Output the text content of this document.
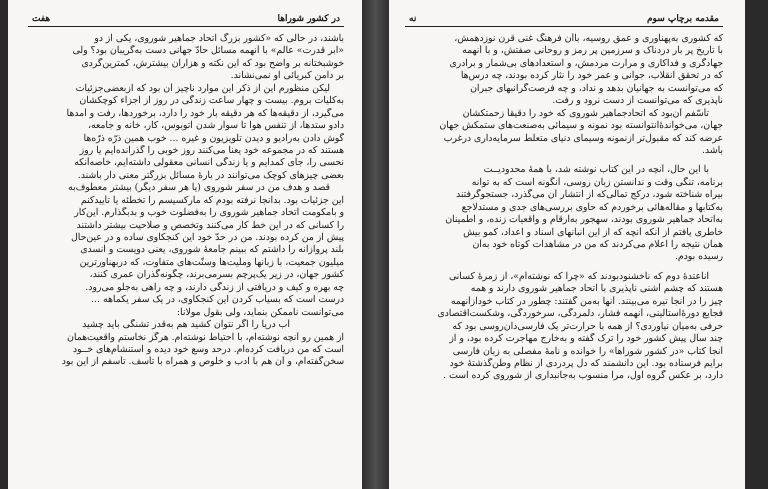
در کشور شوراها
هفت
باشند، در حالی که «کشور بزرگ اتحاد جماهیر شوروی، یکی از دو
«ابر قدرت» عالم» با آنهمه مسائل حادّ جهانی دست به‌گریبان بود؟ ولی
خوشبختانه بر واضح بود که این نکته و هزاران بیشترش، کمترین‌گردی
بر دامن کبریائی او نمی‌نشاند.
لیکن منظورم این از ذکر این موارد ناچیز آن بود که از‌بعضی‌جزئیات
به‌کلیات بروم. بیست و چهار ساعت زندگی در روز از اجزاء کوچکشان
می‌گیرد، از دقیقه‌ها که هر دقیقه بار خود را دارد، برخوردها، رفت و آمدها
دادو ستدها، از تنفس هوا تا سوار شدن اتوبوس، کار، خانه و جامعه،
گوش دادن به‌رادیو و دیدن تلویزیون و غیره ... خوب همین ذرّه ذرّه‌ها
هستند که در مجموعه خود یعنا می‌کنند روز خوبی را گذرانده‌ایم یا روز
نحسی را، جای کمدایم و یا زندگی انسانی معقولی داشته‌ایم، خاصه‌آنکه
بعضی چیزهای کوچک می‌توانند در بارهٔ مسائل بزرگتر معنی دار باشند.
قصد و هدف من در سفر شوروی (یا هر سفر دیگر) بیشتر معطوف‌به
این جزئیات بود. بدانجا نرفته بودم که مارکسیسم را تخطئه یا تأییدکنم
و بامکومت اتحاد جماهیر شوروی را به‌فضلوت خوب و بدبگذارم. این‌کار
را کسانی که در این خط کار می‌کنند وتخصص و صلاحیت بیشتر داشتند
پیش از من کرده بودند. من در حدّ خود این کنجکاوی ساده و در عین‌حال
بلند پروازانه را داشتم که ببینم جامعهٔ شوروی، یعنی دویست و انسدی
میلیون جمعیت، با زبانها وملّیت‌ها وسنّت‌های متفاوت، که دربهناورترین
کشور جهان، در زیر یک‌پرچم بسرمی‌برند، چگونه‌گذران عمری کنند،
چه بهره و کیف و دریافتی از زندگی دارند، و چه راهی به‌جلو می‌رود.
درست است که بسیاب کردن این کنجکاوی، در یک سفر یکماهه ...
می‌توانست ناممکن بنماید، ولی بقول مولانا:
آب دریا را اگر نتوان کشید هم به‌قدر تشنگی باید چشید
از همین رو آنچه نوشته‌ام، با احتیاط نوشته‌ام. هرگز نخاستم واقعیت‌همان
است که من دریافت کرده‌ام. درحد وسع خود دیده و استنشام‌های خــود
سخن‌گفته‌ام، و آن هم با ادب و خلوص و همراه با تأسف. تأسفم از این بود
مقدمه برچاپ سوم
نه
که کشوری به‌پهناوری و عمق روسیه، باآن فرهنگ غنی قرن نوزدهمش،
با تاریخ پر بار دردناک و سرزمین پر رمز و روحانی صفتش، و با آنهمه
جهادگری و فداکاری و مرارت مردمش، و استعدادهای بی‌شمار و برادری
که در تحقق انقلاب، جوانی و عمر خود را نثار کرده بودند، چه درس‌ها
که می‌توانست به جهانیان بدهد و نداد، و چه فرصت‌گرانبهای جبران
ناپذیری که می‌توانست از دست نرود و رفت.
تأسّفم آن‌بود که اتحادجماهیر شوروی که خود را دقیقاً زحمتکشان
جهان، می‌خواندهٔ‌انتوانسته بود نمونه و سیمائی به‌صنعت‌های ستمکش جهان
عرضه کند که مقبول‌تر ازنمونه وسیمای دنیای متعلط سرمایه‌داری درغرب
باشد.
با این حال، آنچه در این کتاب نوشته شد، با همهٔ محدودیــت
برنامه، تنگی وقت و ندانستن زبان روسی، آنگونه است که به توانه
بیراه شناخته شود، درکج تمالی‌که از انتشار آن می‌گذرد، جستجوگرفتند
به‌کتابها و مقاله‌هائی برخوردم که حاوی بررسی‌های جدی و مستدلاجع
به‌اتحاد جماهیر شوروی بودند، سهجور به‌ارقام و واقعیات زنده، و اطمینان
خاطری یافتم از آنکه آنچه که از این انبانهای اسناد و اعداد، کمو بیش
همان نتیجه را اعلام می‌کردند که من در مشاهدات کوتاه خود به‌آن
رسیده بودم.
اناعتدهٔ دوم که ناخشنودبودند که «چرا که نوشته‌ام»، از زمرهٔ کسانی
هستند که چشم آشنی ناپذیری با اتحاد جماهیر شوروی دارند و همه
چیز را در آنجا تیره می‌بینند. آنها به‌من گفتند: چطور در کتاب خودازآنهمه
فجایع دورهٔ‌استالینی، آنهمه فشار، دلمردگی، سرخوردگی، وشکست‌اقتصادی
حرفی به‌میان نیاوردی؟ از همه با حرارت‌تر یک فارسی‌دان‌روسی بود که
چند سال پیش کشور خود را ترک گفته و به‌خارج مهاجرت کرده بود، و از
آنجا کتاب «در کشور شوراها» را خوانده و نامهٔ مفصلی به زبان فارسی
برایم فرستاده بود. این دانشمند که دل پردردی از نظام وطن‌گذشتهٔ خود
دارد، بر عکس گروه اول، مرا منسوب به‌جانبداری از شوروی کرده است .
